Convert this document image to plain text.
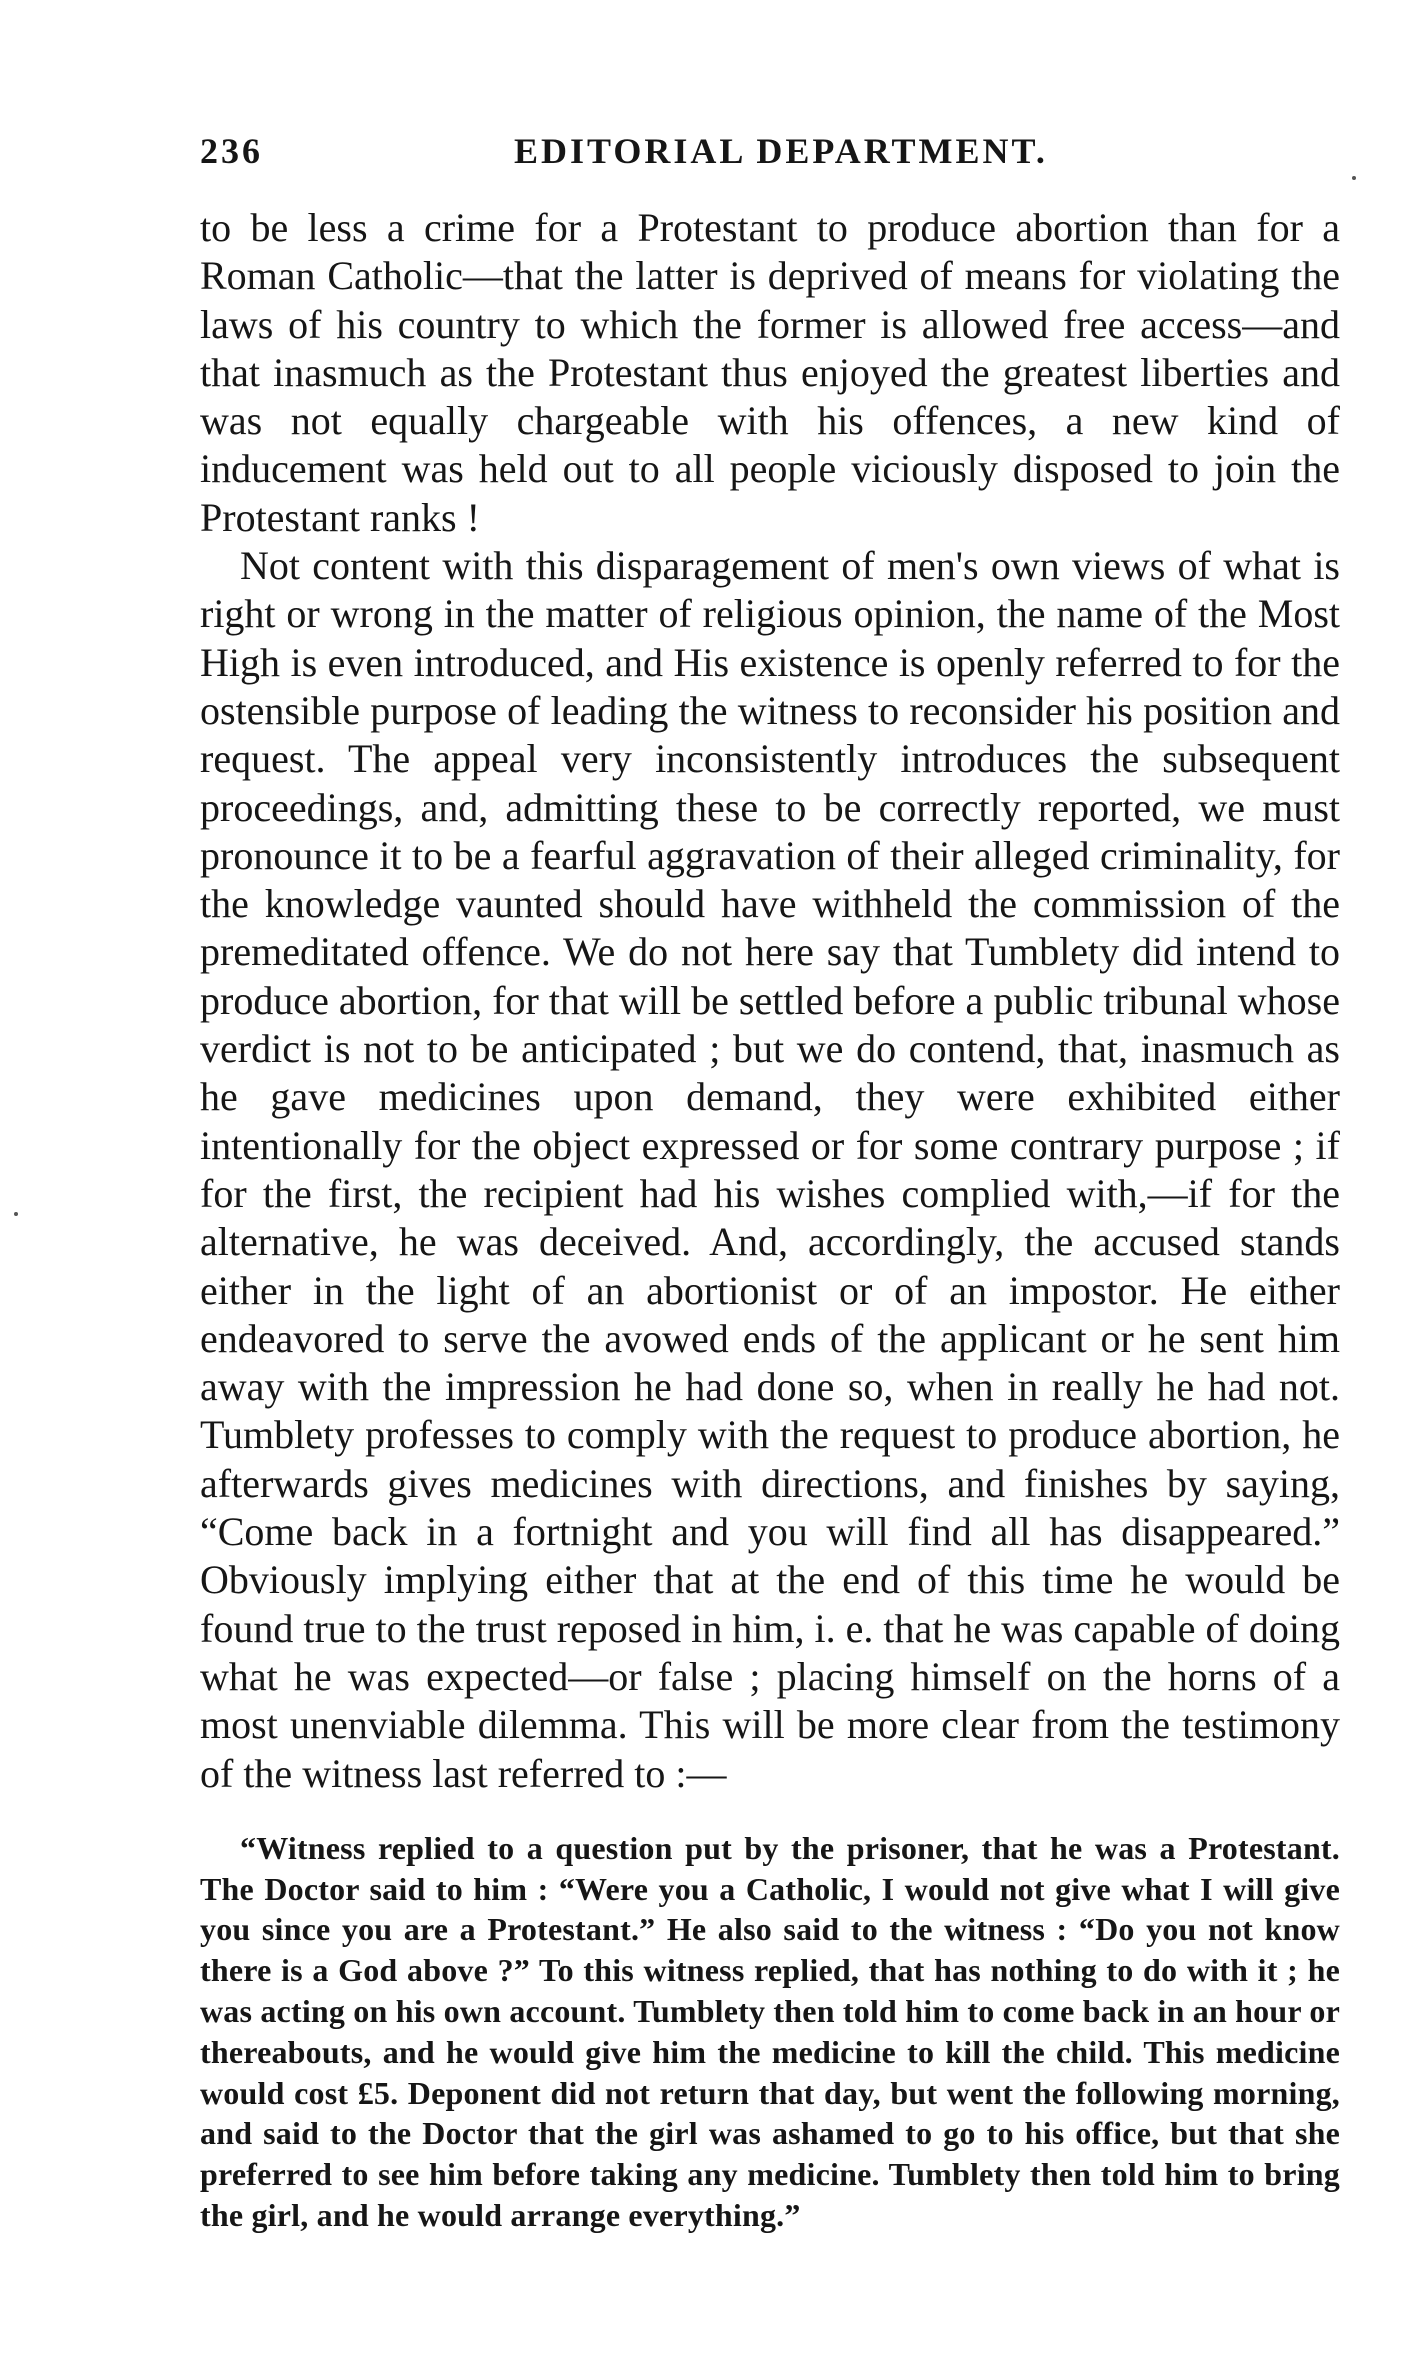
236	EDITORIAL DEPARTMENT.

to be less a crime for a Protestant to produce abortion than for a Roman Catholic—that the latter is deprived of means for violating the laws of his country to which the former is allowed free access—and that inasmuch as the Protestant thus enjoyed the greatest liberties and was not equally chargeable with his offences, a new kind of inducement was held out to all people viciously disposed to join the Protestant ranks !

Not content with this disparagement of men's own views of what is right or wrong in the matter of religious opinion, the name of the Most High is even introduced, and His existence is openly referred to for the ostensible purpose of leading the witness to reconsider his position and request. The appeal very inconsistently introduces the subsequent proceedings, and, admitting these to be correctly reported, we must pronounce it to be a fearful aggravation of their alleged criminality, for the knowledge vaunted should have withheld the commission of the premeditated offence. We do not here say that Tumblety did intend to produce abortion, for that will be settled before a public tribunal whose verdict is not to be anticipated ; but we do contend, that, inasmuch as he gave medicines upon demand, they were exhibited either intentionally for the object expressed or for some contrary purpose ; if for the first, the recipient had his wishes complied with,—if for the alternative, he was deceived. And, accordingly, the accused stands either in the light of an abortionist or of an impostor. He either endeavored to serve the avowed ends of the applicant or he sent him away with the impression he had done so, when in really he had not. Tumblety professes to comply with the request to produce abortion, he afterwards gives medicines with directions, and finishes by saying, “Come back in a fortnight and you will find all has disappeared.” Obviously implying either that at the end of this time he would be found true to the trust reposed in him, i. e. that he was capable of doing what he was expected—or false ; placing himself on the horns of a most unenviable dilemma. This will be more clear from the testimony of the witness last referred to :—

“Witness replied to a question put by the prisoner, that he was a Protestant. The Doctor said to him : “Were you a Catholic, I would not give what I will give you since you are a Protestant.” He also said to the witness : “Do you not know there is a God above ?” To this witness replied, that has nothing to do with it ; he was acting on his own account. Tumblety then told him to come back in an hour or thereabouts, and he would give him the medicine to kill the child. This medicine would cost £5. Deponent did not return that day, but went the following morning, and said to the Doctor that the girl was ashamed to go to his office, but that she preferred to see him before taking any medicine. Tumblety then told him to bring the girl, and he would arrange everything.”
